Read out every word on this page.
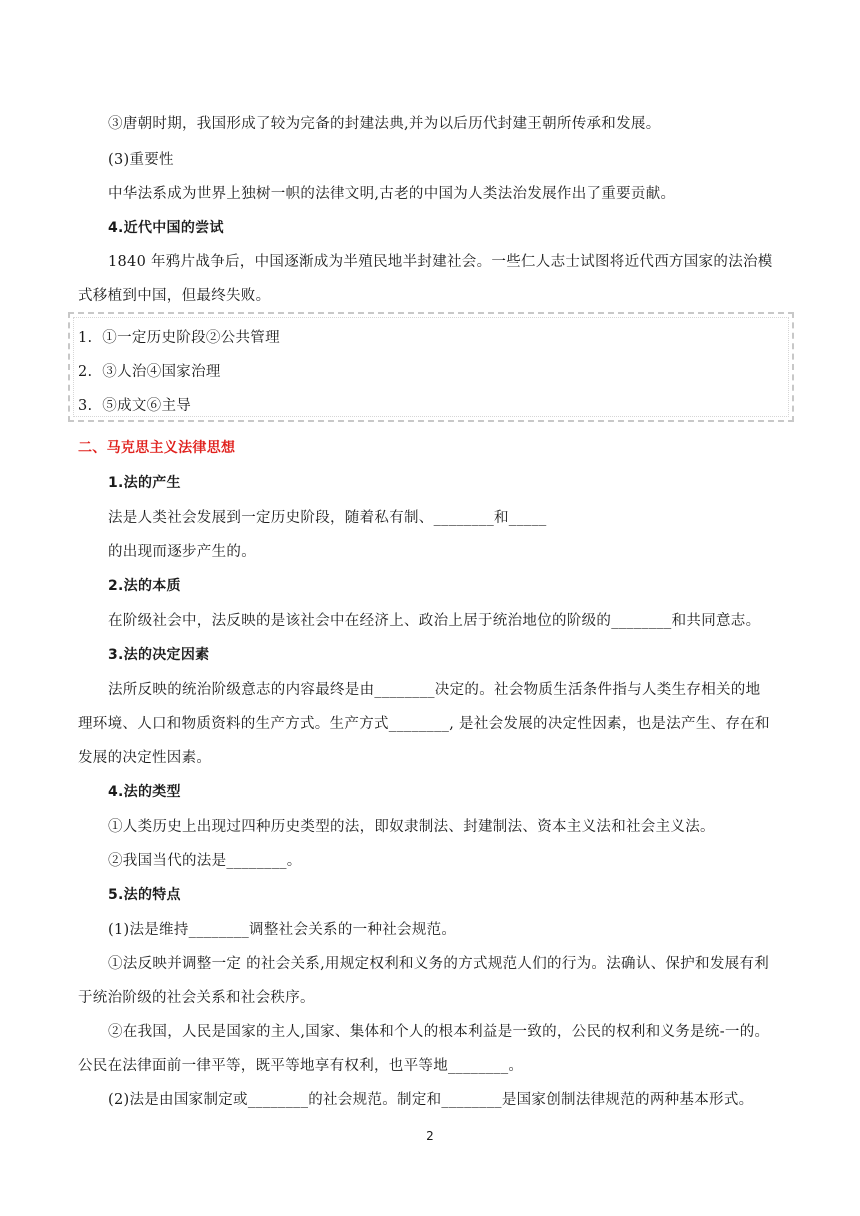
③唐朝时期，我国形成了较为完备的封建法典,并为以后历代封建王朝所传承和发展。
(3)重要性
中华法系成为世界上独树一帜的法律文明,古老的中国为人类法治发展作出了重要贡献。
4.近代中国的尝试
1840 年鸦片战争后，中国逐渐成为半殖民地半封建社会。一些仁人志士试图将近代西方国家的法治模
式移植到中国，但最终失败。
1. ①一定历史阶段②公共管理
2. ③人治④国家治理
3. ⑤成文⑥主导
二、马克思主义法律思想
1.法的产生
法是人类社会发展到一定历史阶段，随着私有制、________和_____
的出现而逐步产生的。
2.法的本质
在阶级社会中，法反映的是该社会中在经济上、政治上居于统治地位的阶级的________和共同意志。
3.法的决定因素
法所反映的统治阶级意志的内容最终是由________决定的。社会物质生活条件指与人类生存相关的地
理环境、人口和物质资料的生产方式。生产方式________, 是社会发展的决定性因素，也是法产生、存在和
发展的决定性因素。
4.法的类型
①人类历史上出现过四种历史类型的法，即奴隶制法、封建制法、资本主义法和社会主义法。
②我国当代的法是________。
5.法的特点
(1)法是维持________调整社会关系的一种社会规范。
①法反映并调整一定 的社会关系,用规定权利和义务的方式规范人们的行为。法确认、保护和发展有利
于统治阶级的社会关系和社会秩序。
②在我国，人民是国家的主人,国家、集体和个人的根本利益是一致的，公民的权利和义务是统-一的。
公民在法律面前一律平等，既平等地享有权利，也平等地________。
(2)法是由国家制定或________的社会规范。制定和________是国家创制法律规范的两种基本形式。
2
